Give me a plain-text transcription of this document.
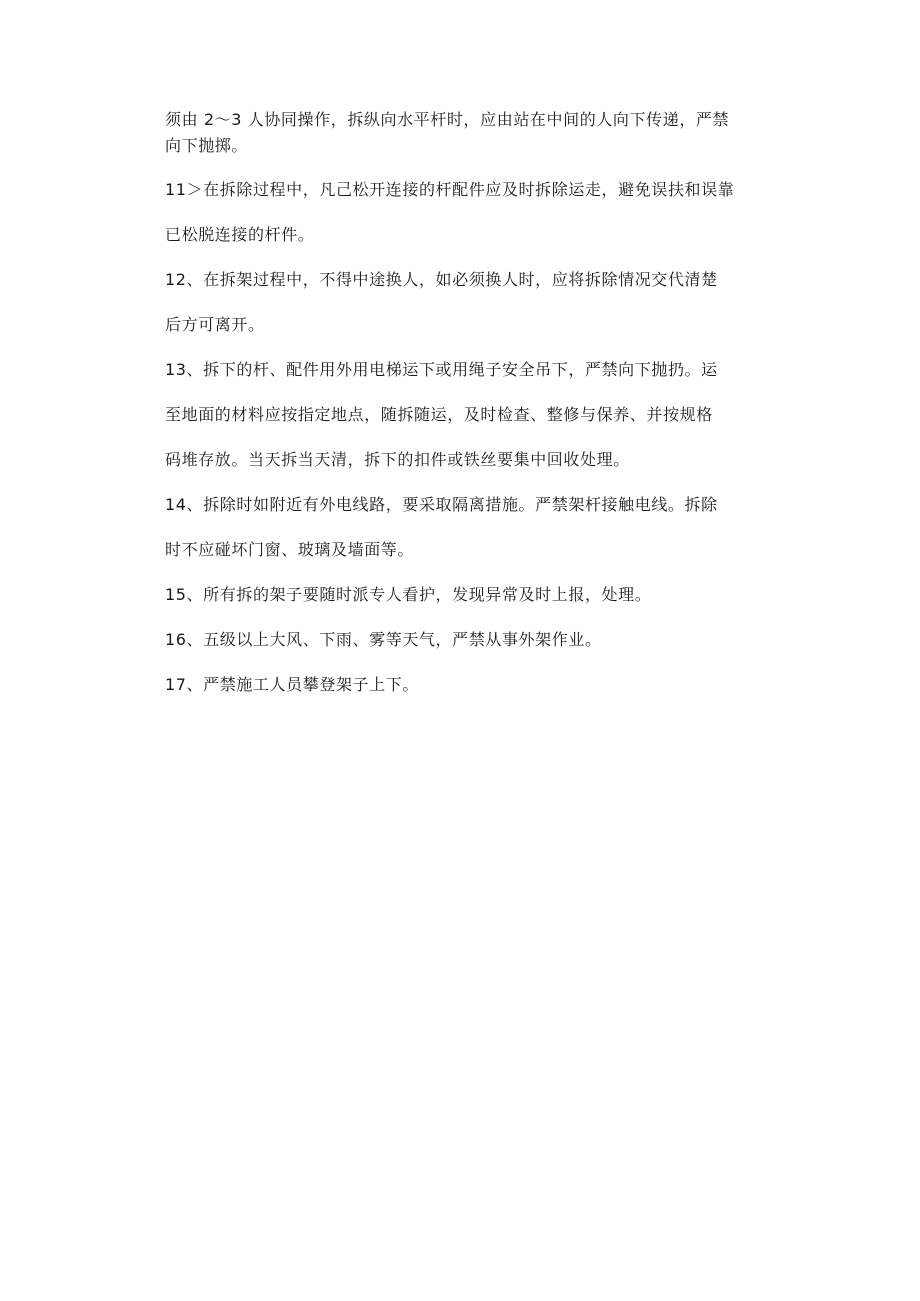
须由 2～3 人协同操作，拆纵向水平杆时，应由站在中间的人向下传递，严禁
向下抛掷。
11＞在拆除过程中，凡己松开连接的杆配件应及时拆除运走，避免误扶和误靠
已松脱连接的杆件。
12、在拆架过程中，不得中途换人，如必须换人时，应将拆除情况交代清楚
后方可离开。
13、拆下的杆、配件用外用电梯运下或用绳子安全吊下，严禁向下抛扔。运
至地面的材料应按指定地点，随拆随运，及时检查、整修与保养、并按规格
码堆存放。当天拆当天清，拆下的扣件或铁丝要集中回收处理。
14、拆除时如附近有外电线路，要采取隔离措施。严禁架杆接触电线。拆除
时不应碰坏门窗、玻璃及墙面等。
15、所有拆的架子要随时派专人看护，发现异常及时上报，处理。
16、五级以上大风、下雨、雾等天气，严禁从事外架作业。
17、严禁施工人员攀登架子上下。
